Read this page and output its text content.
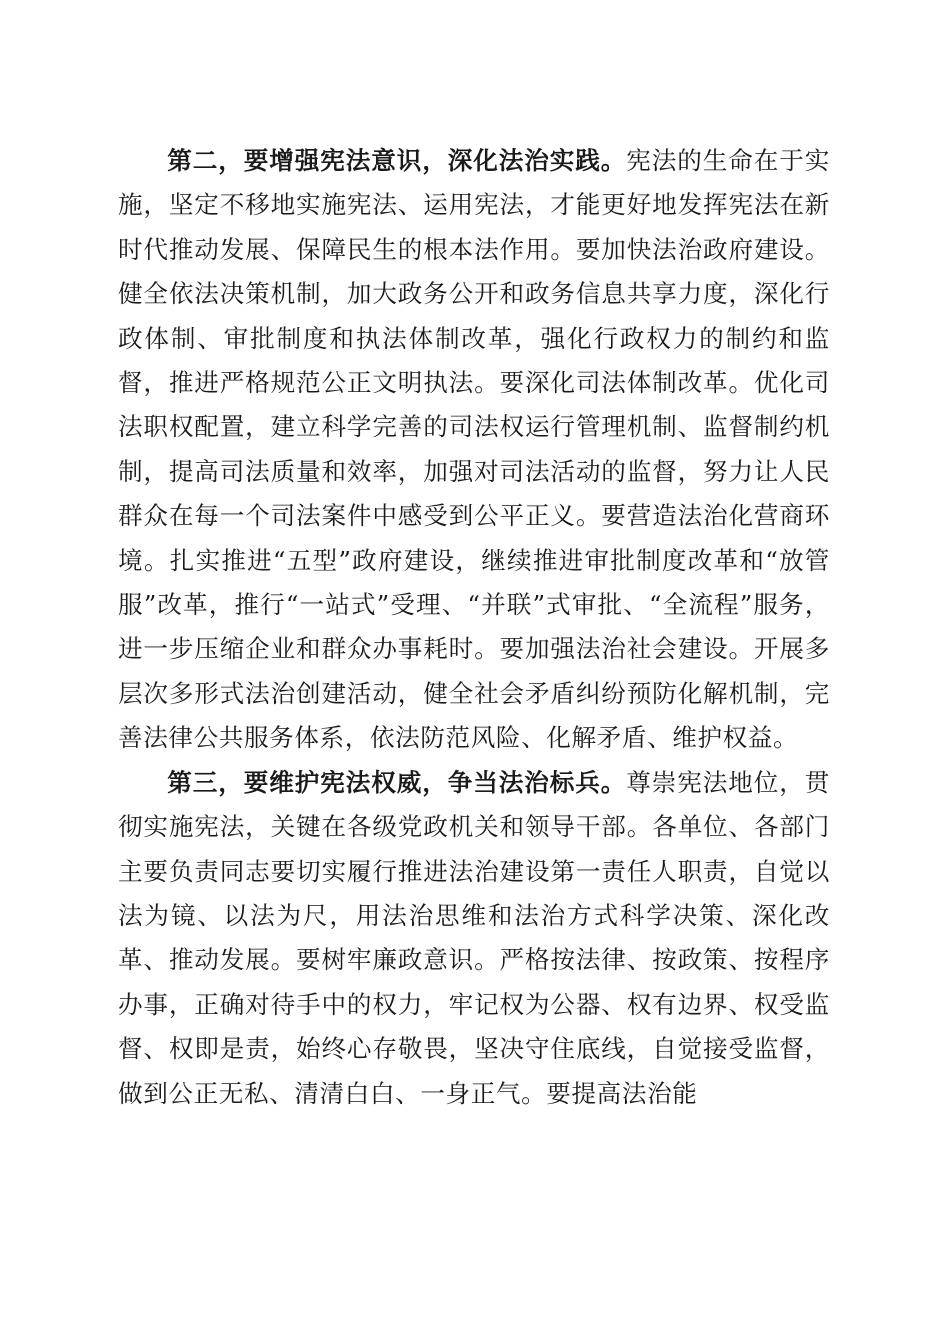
第二，要增强宪法意识，深化法治实践。宪法的生命在于实施，坚定不移地实施宪法、运用宪法，才能更好地发挥宪法在新时代推动发展、保障民生的根本法作用。要加快法治政府建设。健全依法决策机制，加大政务公开和政务信息共享力度，深化行政体制、审批制度和执法体制改革，强化行政权力的制约和监督，推进严格规范公正文明执法。要深化司法体制改革。优化司法职权配置，建立科学完善的司法权运行管理机制、监督制约机制，提高司法质量和效率，加强对司法活动的监督，努力让人民群众在每一个司法案件中感受到公平正义。要营造法治化营商环境。扎实推进“五型”政府建设，继续推进审批制度改革和“放管服”改革，推行“一站式”受理、“并联”式审批、“全流程”服务，进一步压缩企业和群众办事耗时。要加强法治社会建设。开展多层次多形式法治创建活动，健全社会矛盾纠纷预防化解机制，完善法律公共服务体系，依法防范风险、化解矛盾、维护权益。

第三，要维护宪法权威，争当法治标兵。尊崇宪法地位，贯彻实施宪法，关键在各级党政机关和领导干部。各单位、各部门主要负责同志要切实履行推进法治建设第一责任人职责，自觉以法为镜、以法为尺，用法治思维和法治方式科学决策、深化改革、推动发展。要树牢廉政意识。严格按法律、按政策、按程序办事，正确对待手中的权力，牢记权为公器、权有边界、权受监督、权即是责，始终心存敬畏，坚决守住底线，自觉接受监督，做到公正无私、清清白白、一身正气。要提高法治能
